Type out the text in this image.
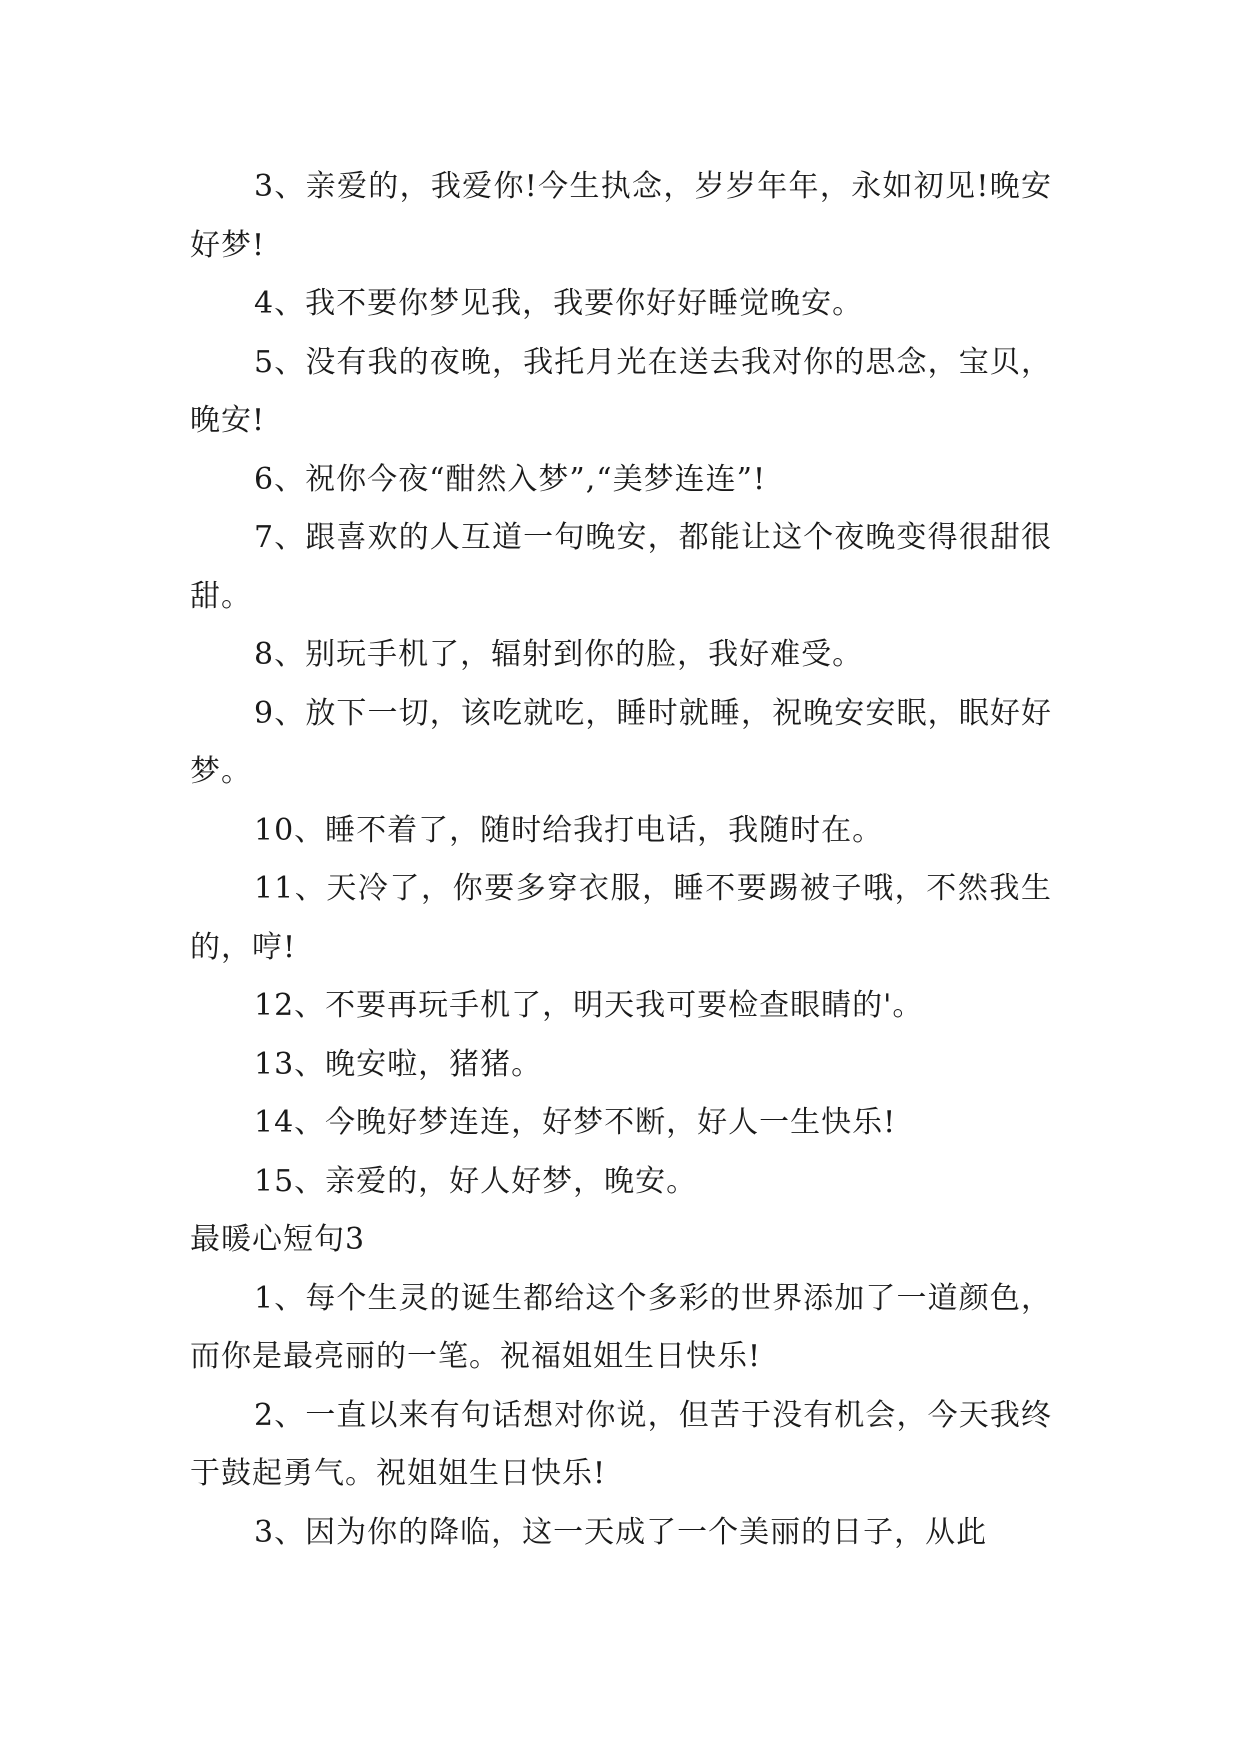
3、亲爱的，我爱你!今生执念，岁岁年年，永如初见!晚安好梦!

4、我不要你梦见我，我要你好好睡觉晚安。

5、没有我的夜晚，我托月光在送去我对你的思念，宝贝，晚安!

6、祝你今夜“酣然入梦”,“美梦连连”!

7、跟喜欢的人互道一句晚安，都能让这个夜晚变得很甜很甜。

8、别玩手机了，辐射到你的脸，我好难受。

9、放下一切，该吃就吃，睡时就睡，祝晚安安眠，眠好好梦。

10、睡不着了，随时给我打电话，我随时在。

11、天冷了，你要多穿衣服，睡不要踢被子哦，不然我生的，哼!

12、不要再玩手机了，明天我可要检查眼睛的'。

13、晚安啦，猪猪。

14、今晚好梦连连，好梦不断，好人一生快乐!

15、亲爱的，好人好梦，晚安。

最暖心短句3

1、每个生灵的诞生都给这个多彩的世界添加了一道颜色，而你是最亮丽的一笔。祝福姐姐生日快乐!

2、一直以来有句话想对你说，但苦于没有机会，今天我终于鼓起勇气。祝姐姐生日快乐!

3、因为你的降临，这一天成了一个美丽的日子，从此
